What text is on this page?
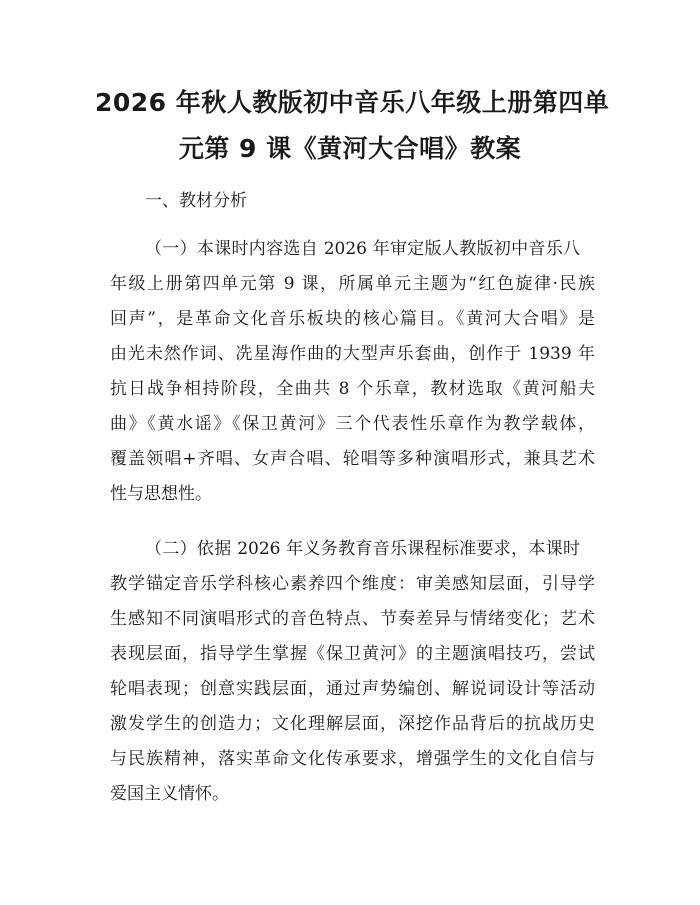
2026 年秋人教版初中音乐八年级上册第四单
元第 9 课《黄河大合唱》教案
一、教材分析
（一）本课时内容选自 2026 年审定版人教版初中音乐八
年级上册第四单元第 9 课，所属单元主题为“红色旋律·民族
回声”，是革命文化音乐板块的核心篇目。《黄河大合唱》是
由光未然作词、冼星海作曲的大型声乐套曲，创作于 1939 年
抗日战争相持阶段，全曲共 8 个乐章，教材选取《黄河船夫
曲》《黄水谣》《保卫黄河》三个代表性乐章作为教学载体，
覆盖领唱+齐唱、女声合唱、轮唱等多种演唱形式，兼具艺术
性与思想性。
（二）依据 2026 年义务教育音乐课程标准要求，本课时
教学锚定音乐学科核心素养四个维度：审美感知层面，引导学
生感知不同演唱形式的音色特点、节奏差异与情绪变化；艺术
表现层面，指导学生掌握《保卫黄河》的主题演唱技巧，尝试
轮唱表现；创意实践层面，通过声势编创、解说词设计等活动
激发学生的创造力；文化理解层面，深挖作品背后的抗战历史
与民族精神，落实革命文化传承要求，增强学生的文化自信与
爱国主义情怀。
